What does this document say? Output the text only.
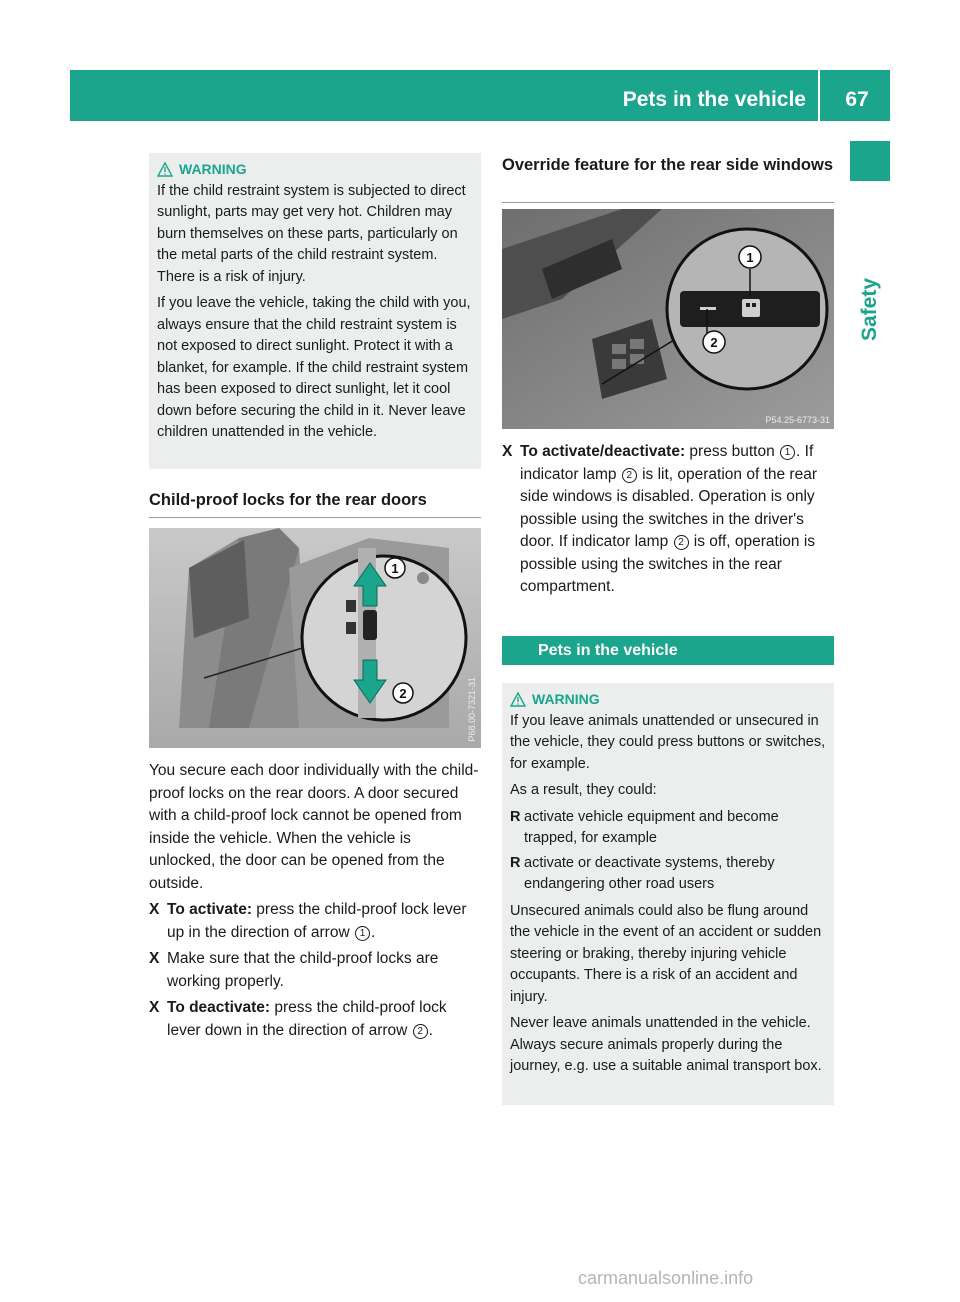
Pets in the vehicle	67
Safety
WARNING

If the child restraint system is subjected to direct sunlight, parts may get very hot. Children may burn themselves on these parts, particularly on the metal parts of the child restraint system. There is a risk of injury.

If you leave the vehicle, taking the child with you, always ensure that the child restraint system is not exposed to direct sunlight. Protect it with a blanket, for example. If the child restraint system has been exposed to direct sunlight, let it cool down before securing the child in it. Never leave children unattended in the vehicle.

Child-proof locks for the rear doors
1
2	P68.00-7321-31

You secure each door individually with the child-proof locks on the rear doors. A door secured with a child-proof lock cannot be opened from inside the vehicle. When the vehicle is unlocked, the door can be opened from the outside.

X To activate: press the child-proof lock lever up in the direction of arrow 1 .
X Make sure that the child-proof locks are working properly.
X To deactivate: press the child-proof lock lever down in the direction of arrow 2 .
Override feature for the rear side windows
1
2
P54.25-6773-31
X To activate/deactivate: press button 1 . If indicator lamp 2 is lit, operation of the rear side windows is disabled. Operation is only possible using the switches in the driver's door. If indicator lamp 2 is off, operation is possible using the switches in the rear compartment.
Pets in the vehicle
WARNING

If you leave animals unattended or unsecured in the vehicle, they could press buttons or switches, for example.

As a result, they could:

R activate vehicle equipment and become trapped, for example
R activate or deactivate systems, thereby endangering other road users

Unsecured animals could also be flung around the vehicle in the event of an accident or sudden steering or braking, thereby injuring vehicle occupants. There is a risk of an accident and injury.

Never leave animals unattended in the vehicle. Always secure animals properly during the journey, e.g. use a suitable animal transport box.

carmanualsonline.info
